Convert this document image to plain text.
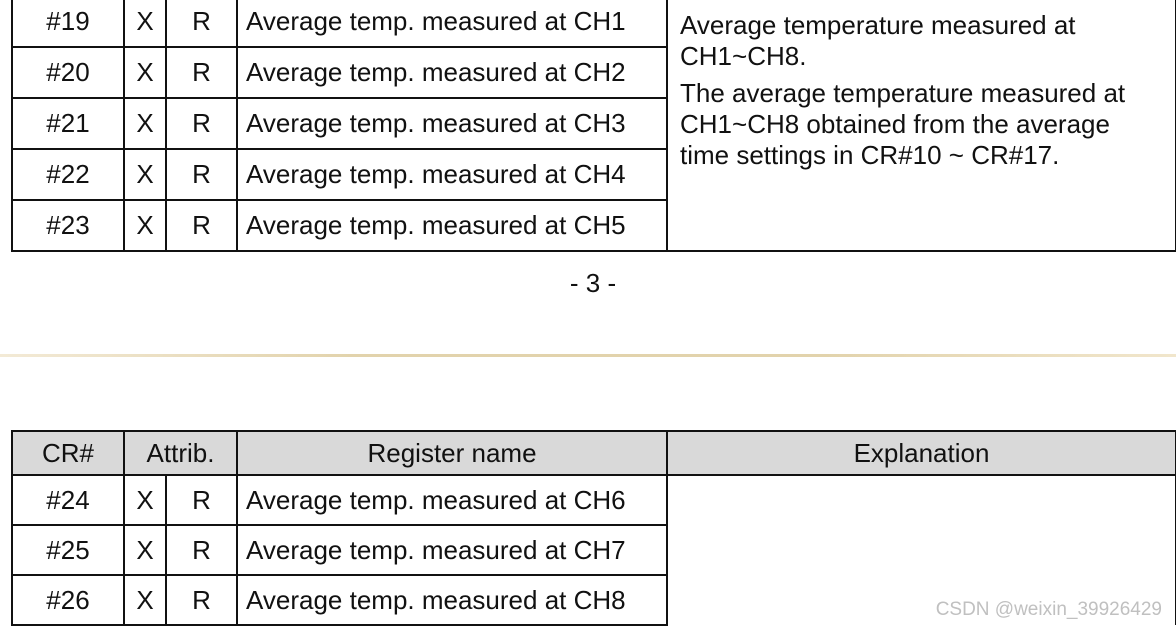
#19	X	R	Average temp. measured at CH1	Average temperature measured at
CH1~CH8.

The average temperature measured at
CH1~CH8 obtained from the average
time settings in CR#10 ~ CR#17.

#20	X	R	Average temp. measured at CH2	
#21	X	R	Average temp. measured at CH3	
#22	X	R	Average temp. measured at CH4	
#23	X	R	Average temp. measured at CH5	
- 3 -
CR#	Attrib.		Register name	Explanation
#24	X	R	Average temp. measured at CH6	
#25	X	R	Average temp. measured at CH7	
#26	X	R	Average temp. measured at CH8		CSDN @weixin_39926429
